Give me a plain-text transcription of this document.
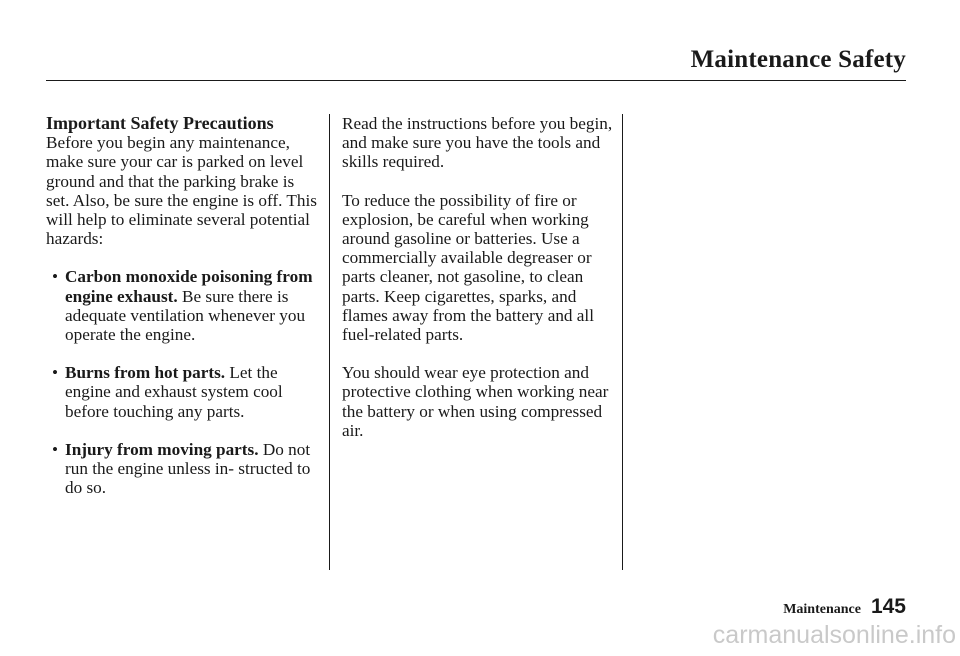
Maintenance Safety

Important Safety Precautions

Before you begin any maintenance, make sure your car is parked on level ground and that the parking brake is set. Also, be sure the engine is off. This will help to eliminate several potential hazards:

• Carbon monoxide poisoning from engine exhaust. Be sure there is adequate ventilation whenever you operate the engine.
• Burns from hot parts. Let the engine and exhaust system cool before touching any parts.
• Injury from moving parts. Do not run the engine unless in- structed to do so.

Read the instructions before you begin, and make sure you have the tools and skills required.

To reduce the possibility of fire or explosion, be careful when working around gasoline or batteries. Use a commercially available degreaser or parts cleaner, not gasoline, to clean parts. Keep cigarettes, sparks, and flames away from the battery and all fuel-related parts.

You should wear eye protection and protective clothing when working near the battery or when using compressed air.

Maintenance 145
carmanualsonline.info
